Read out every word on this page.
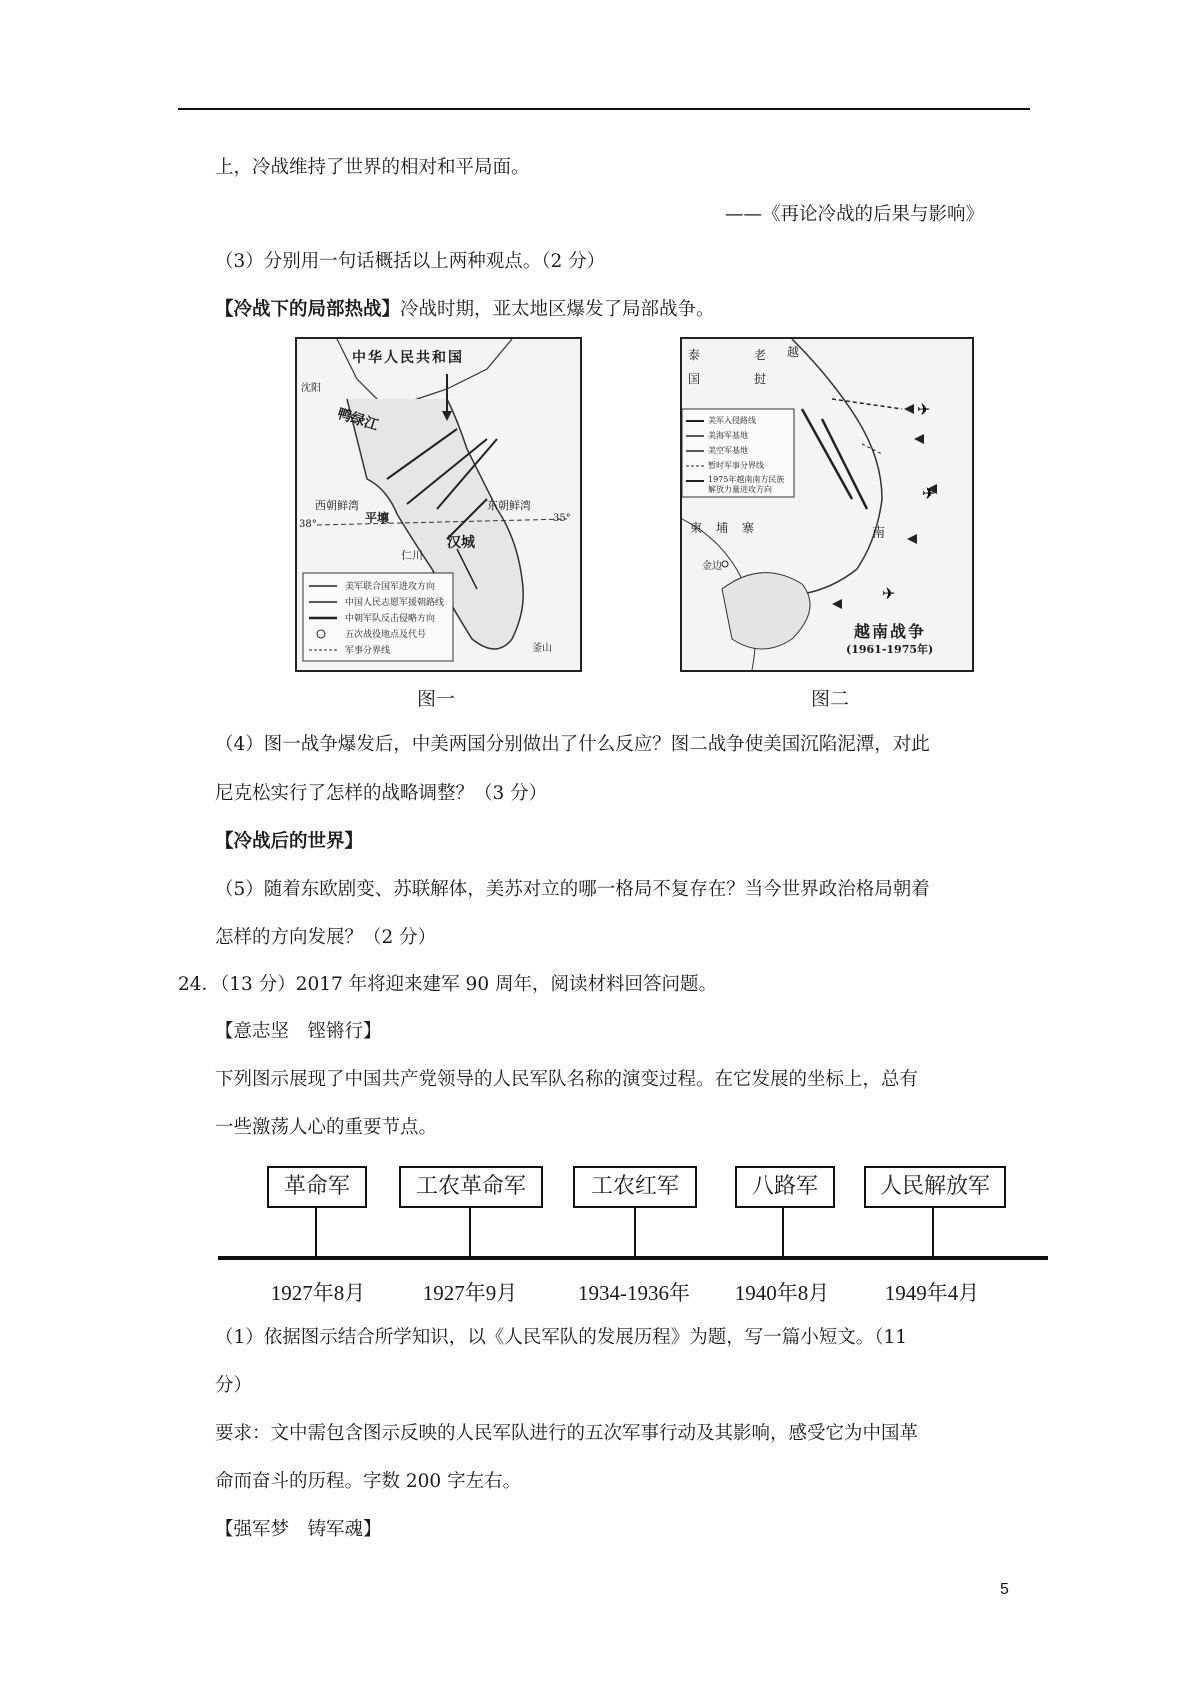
上，冷战维持了世界的相对和平局面。
——《再论冷战的后果与影响》
（3）分别用一句话概括以上两种观点。（2 分）
【冷战下的局部热战】冷战时期，亚太地区爆发了局部战争。
中华人民共和国
沈阳
鸭绿江
西朝鲜湾	东朝鲜湾
平壤
汉城
仁川
38°
35°
釜山
美军联合国军进攻方向
中国人民志愿军援朝路线
中朝军队反击侵略方向
五次战役地点及代号
军事分界线
图一
✈
✈
✈
泰国
老挝
越
柬埔寨
金边
南
越南战争
(1961-1975年)
美军入侵路线
美海军基地
美空军基地
暂时军事分界线
1975年越南南方民族解放力量进攻方向
图二
（4）图一战争爆发后，中美两国分别做出了什么反应？图二战争使美国沉陷泥潭，对此
尼克松实行了怎样的战略调整？（3 分）
【冷战后的世界】
（5）随着东欧剧变、苏联解体，美苏对立的哪一格局不复存在？当今世界政治格局朝着
怎样的方向发展？（2 分）
24．（13 分）2017 年将迎来建军 90 周年，阅读材料回答问题。
【意志坚　铿锵行】
下列图示展现了中国共产党领导的人民军队名称的演变过程。在它发展的坐标上，总有
一些激荡人心的重要节点。
革命军	工农革命军	工农红军	八路军	人民解放军
1927年8月	1927年9月	1934-1936年	1940年8月	1949年4月
（1）依据图示结合所学知识，以《人民军队的发展历程》为题，写一篇小短文。（11
分）
要求：文中需包含图示反映的人民军队进行的五次军事行动及其影响，感受它为中国革
命而奋斗的历程。字数 200 字左右。
【强军梦　铸军魂】
5
